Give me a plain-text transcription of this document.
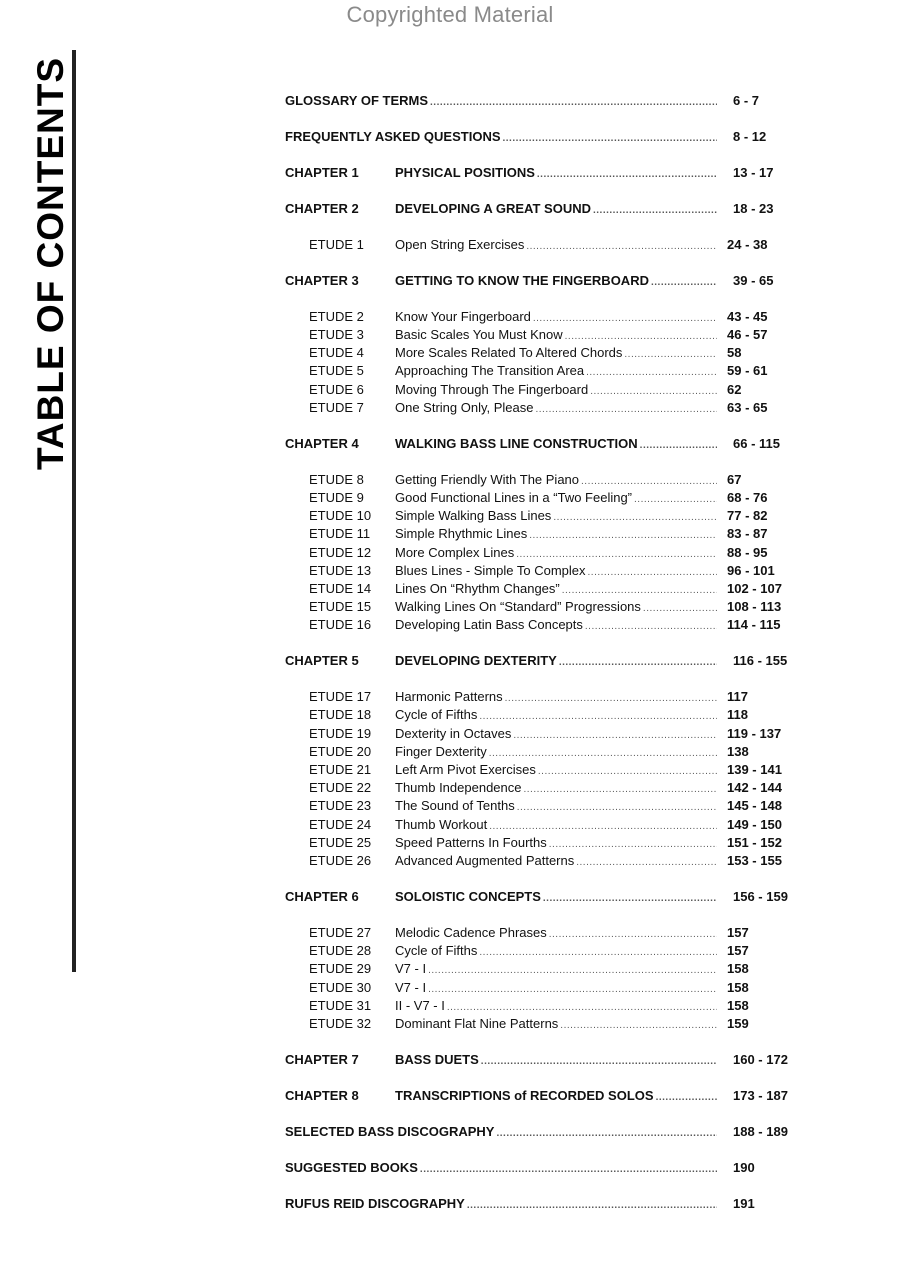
Copyrighted Material
TABLE OF CONTENTS	GLOSSARY OF TERMS .....	6 - 7
FREQUENTLY ASKED QUESTIONS .....	8 - 12
CHAPTER 1	PHYSICAL POSITIONS .....	13 - 17
CHAPTER 2	DEVELOPING A GREAT SOUND .....	18 - 23
ETUDE 1	Open String Exercises .....	24 - 38
CHAPTER 3	GETTING TO KNOW THE FINGERBOARD .....	39 - 65
ETUDE 2	Know Your Fingerboard .....	43 - 45
ETUDE 3	Basic Scales You Must Know .....	46 - 57
ETUDE 4	More Scales Related To Altered Chords .....	58
ETUDE 5	Approaching The Transition Area .....	59 - 61
ETUDE 6	Moving Through The Fingerboard .....	62
ETUDE 7	One String Only, Please .....	63 - 65
CHAPTER 4	WALKING BASS LINE CONSTRUCTION .....	66 - 115
ETUDE 8	Getting Friendly With The Piano .....	67
ETUDE 9	Good Functional Lines in a “Two Feeling” .....	68 - 76
ETUDE 10	Simple Walking Bass Lines .....	77 - 82
ETUDE 11	Simple Rhythmic Lines .....	83 - 87
ETUDE 12	More Complex Lines .....	88 - 95
ETUDE 13	Blues Lines - Simple To Complex .....	96 - 101
ETUDE 14	Lines On “Rhythm Changes” .....	102 - 107
ETUDE 15	Walking Lines On “Standard” Progressions .....	108 - 113
ETUDE 16	Developing Latin Bass Concepts .....	114 - 115
CHAPTER 5	DEVELOPING DEXTERITY .....	116 - 155
ETUDE 17	Harmonic Patterns .....	117
ETUDE 18	Cycle of Fifths .....	118
ETUDE 19	Dexterity in Octaves .....	119 - 137
ETUDE 20	Finger Dexterity .....	138
ETUDE 21	Left Arm Pivot Exercises .....	139 - 141
ETUDE 22	Thumb Independence .....	142 - 144
ETUDE 23	The Sound of Tenths .....	145 - 148
ETUDE 24	Thumb Workout .....	149 - 150
ETUDE 25	Speed Patterns In Fourths .....	151 - 152
ETUDE 26	Advanced Augmented Patterns .....	153 - 155
CHAPTER 6	SOLOISTIC CONCEPTS .....	156 - 159
ETUDE 27	Melodic Cadence Phrases .....	157
ETUDE 28	Cycle of Fifths .....	157
ETUDE 29	V7 - I .....	158
ETUDE 30	V7 - I .....	158
ETUDE 31	II - V7 - I .....	158
ETUDE 32	Dominant Flat Nine Patterns .....	159
CHAPTER 7	BASS DUETS .....	160 - 172
CHAPTER 8	TRANSCRIPTIONS of RECORDED SOLOS .....	173 - 187
SELECTED BASS DISCOGRAPHY .....	188 - 189
SUGGESTED BOOKS .....	190
RUFUS REID DISCOGRAPHY .....	191
